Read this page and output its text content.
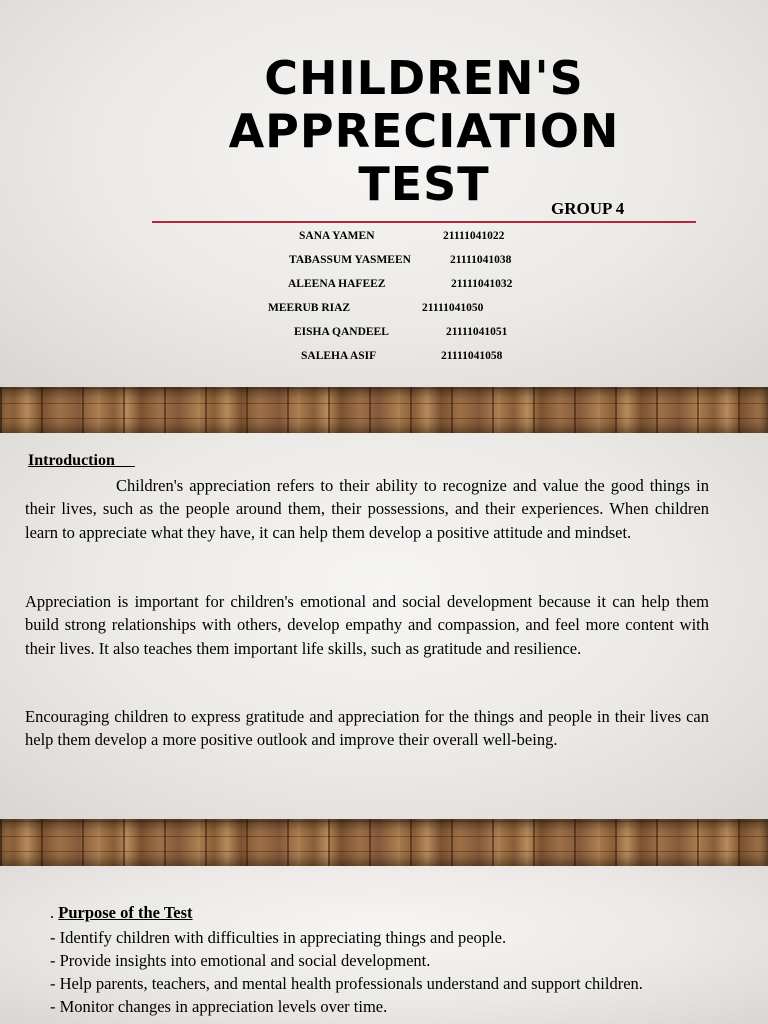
CHILDREN'S
APPRECIATION
TEST	GROUP 4
SANA YAMEN	21111041022
TABASSUM YASMEEN	21111041038
ALEENA HAFEEZ	21111041032
MEERUB RIAZ	21111041050
EISHA QANDEEL	21111041051
SALEHA ASIF	21111041058
Introduction

Children's appreciation refers to their ability to recognize and value the good things in their lives, such as the people around them, their possessions, and their experiences. When children learn to appreciate what they have, it can help them develop a positive attitude and mindset.

Appreciation is important for children's emotional and social development because it can help them build strong relationships with others, develop empathy and compassion, and feel more content with their lives. It also teaches them important life skills, such as gratitude and resilience.

Encouraging children to express gratitude and appreciation for the things and people in their lives can help them develop a more positive outlook and improve their overall well-being.

. Purpose of the Test
- Identify children with difficulties in appreciating things and people.
- Provide insights into emotional and social development.
- Help parents, teachers, and mental health professionals understand and support children.
- Monitor changes in appreciation levels over time.
